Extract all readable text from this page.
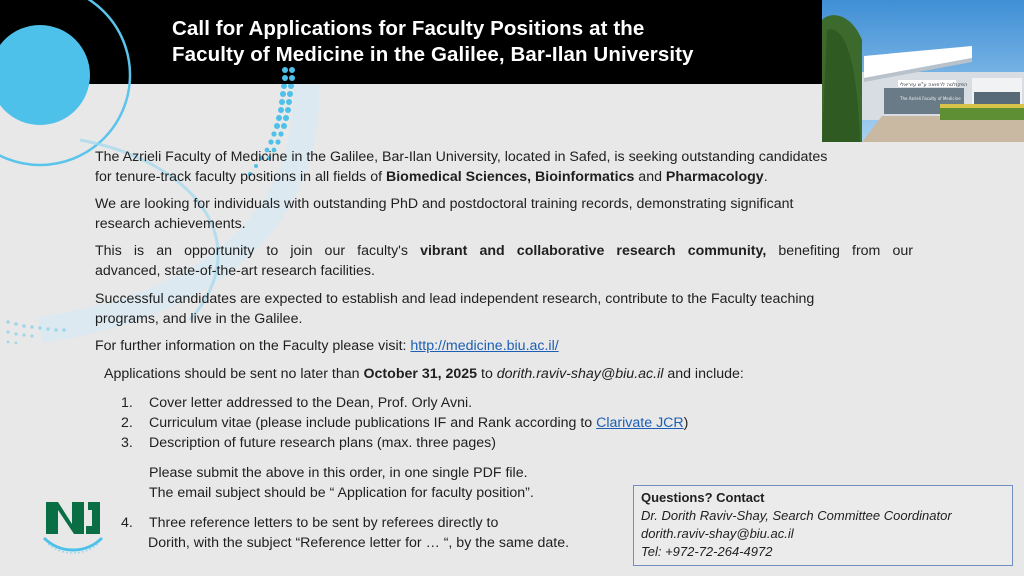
Call for Applications for Faculty Positions at the
Faculty of Medicine in the Galilee, Bar-Ilan University
הפקולטה לרפואה ע"ש עזריאלי
The Azrieli Faculty of Medicine
The Azrieli Faculty of Medicine in the Galilee, Bar-Ilan University, located in Safed, is seeking outstanding candidates
for tenure-track faculty positions in all fields of Biomedical Sciences, Bioinformatics and Pharmacology.
We are looking for individuals with outstanding PhD and postdoctoral training records, demonstrating significant
research achievements.
This is an opportunity to join our faculty's vibrant and collaborative research community, benefiting from our
advanced, state-of-the-art research facilities.
Successful candidates are expected to establish and lead independent research, contribute to the Faculty teaching
programs, and live in the Galilee.
For further information on the Faculty please visit: http://medicine.biu.ac.il/
Applications should be sent no later than October 31, 2025 to dorith.raviv-shay@biu.ac.il and include:
1. Cover letter addressed to the Dean, Prof. Orly Avni.
2. Curriculum vitae (please include publications IF and Rank according to Clarivate JCR)
3. Description of future research plans (max. three pages)
Please submit the above in this order, in one single PDF file.
The email subject should be “ Application for faculty position”.
4. Three reference letters to be sent by referees directly to
Dorith, with the subject “Reference letter for … “, by the same date.
Questions? Contact
Dr. Dorith Raviv-Shay, Search Committee Coordinator
dorith.raviv-shay@biu.ac.il
Tel: +972-72-264-4972
